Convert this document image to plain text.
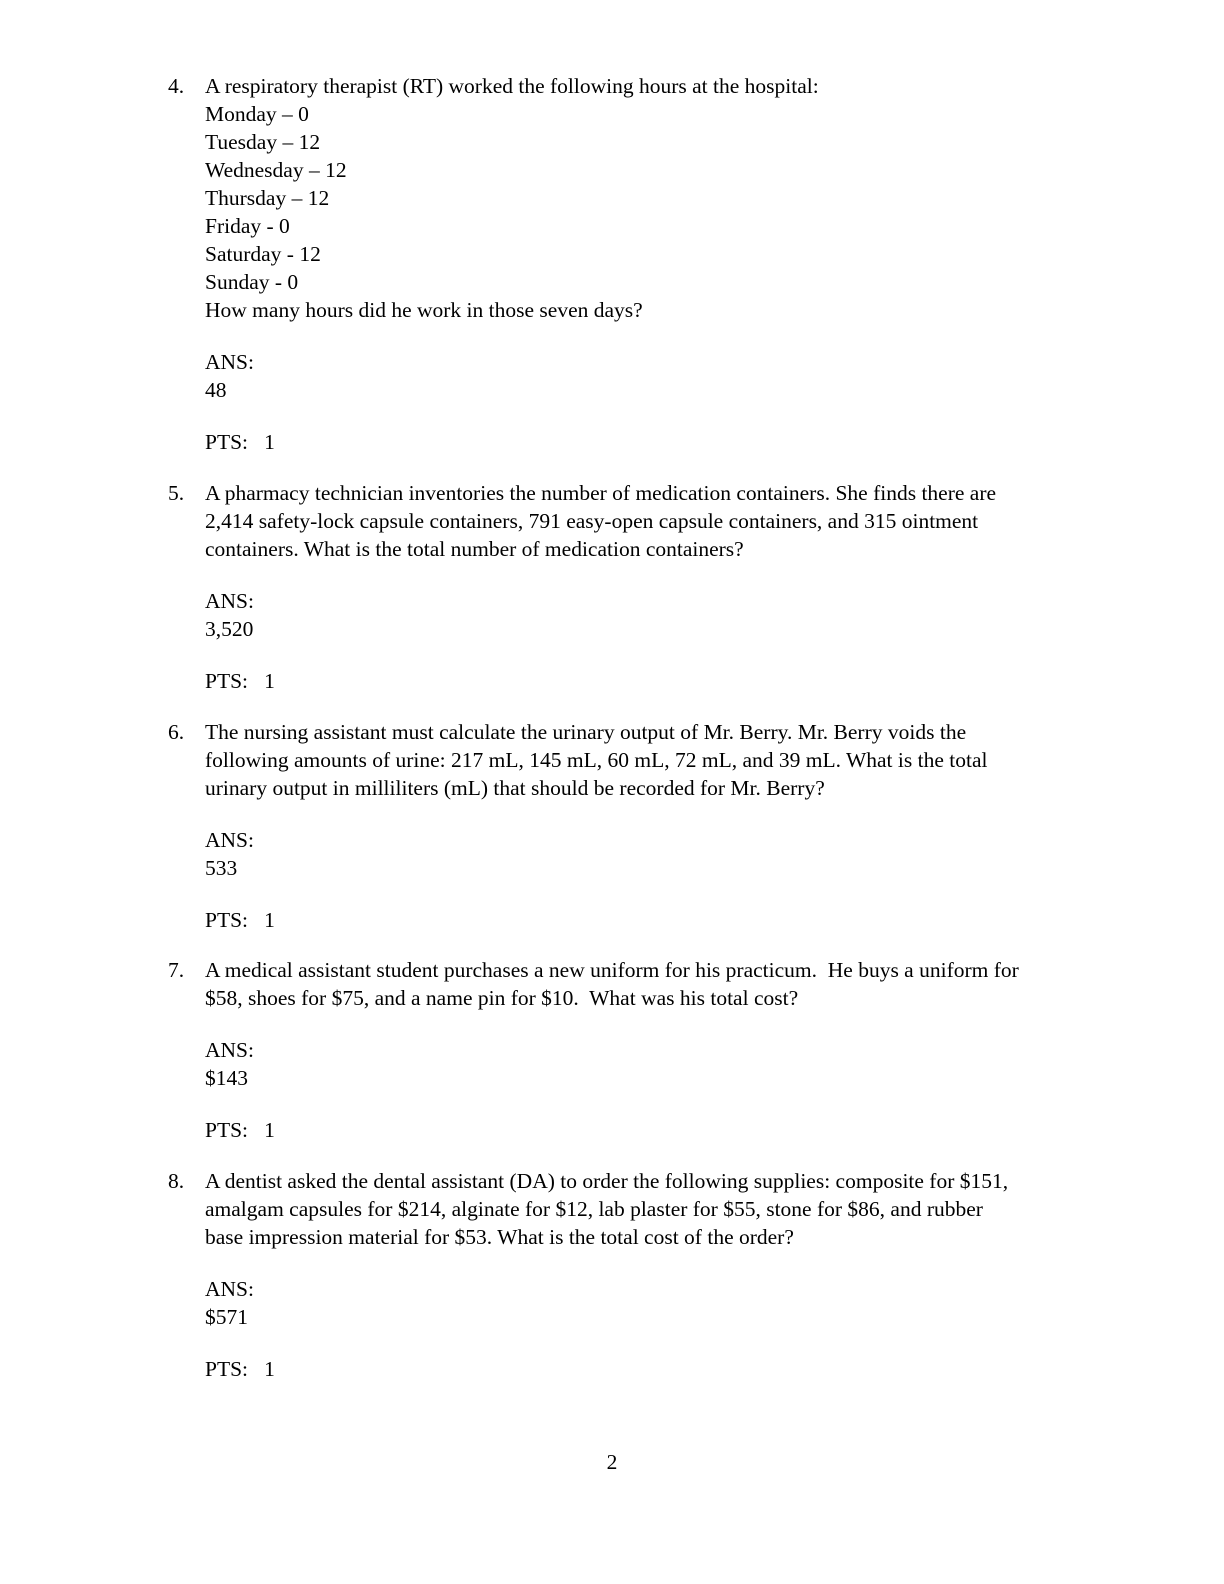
4. A respiratory therapist (RT) worked the following hours at the hospital:
Monday – 0
Tuesday – 12
Wednesday – 12
Thursday – 12
Friday - 0
Saturday - 12
Sunday - 0
How many hours did he work in those seven days?
ANS:
48
PTS:   1
5. A pharmacy technician inventories the number of medication containers. She finds there are
2,414 safety-lock capsule containers, 791 easy-open capsule containers, and 315 ointment
containers. What is the total number of medication containers?
ANS:
3,520
PTS:   1
6. The nursing assistant must calculate the urinary output of Mr. Berry. Mr. Berry voids the
following amounts of urine: 217 mL, 145 mL, 60 mL, 72 mL, and 39 mL. What is the total
urinary output in milliliters (mL) that should be recorded for Mr. Berry?
ANS:
533
PTS:   1
7. A medical assistant student purchases a new uniform for his practicum.  He buys a uniform for
$58, shoes for $75, and a name pin for $10.  What was his total cost?
ANS:
$143
PTS:   1
8. A dentist asked the dental assistant (DA) to order the following supplies: composite for $151,
amalgam capsules for $214, alginate for $12, lab plaster for $55, stone for $86, and rubber
base impression material for $53. What is the total cost of the order?
ANS:
$571
PTS:   1
2
